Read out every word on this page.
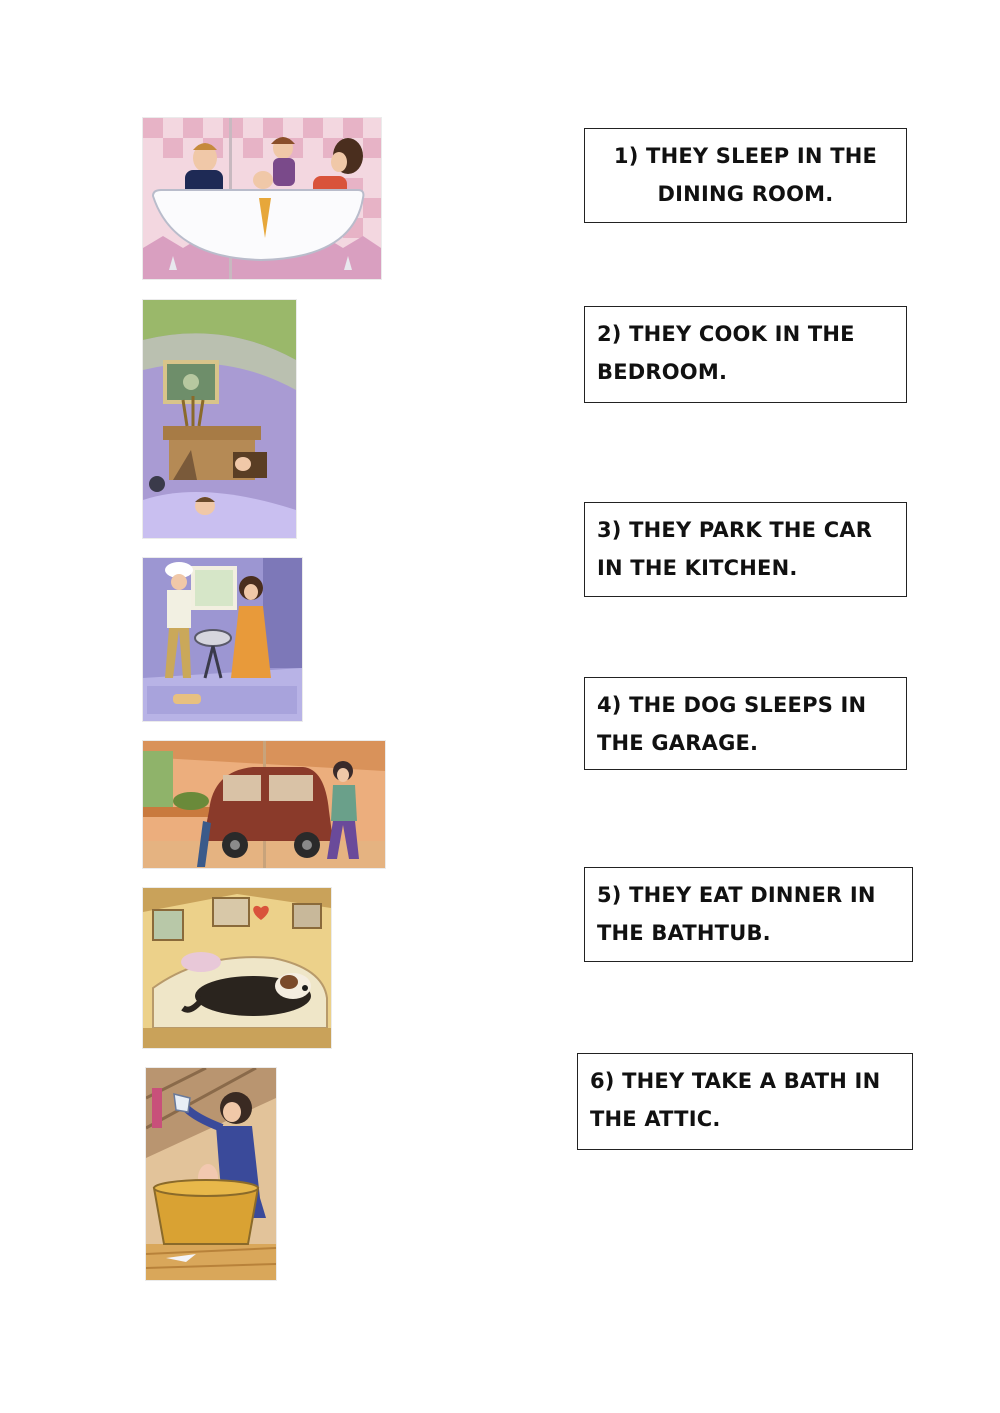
1) THEY SLEEP IN THE DINING ROOM.
2) THEY COOK IN THE BEDROOM.
3) THEY PARK THE CAR IN THE KITCHEN.
4) THE DOG SLEEPS IN THE GARAGE.
5) THEY EAT DINNER IN THE BATHTUB.
6) THEY TAKE A BATH IN THE ATTIC.
